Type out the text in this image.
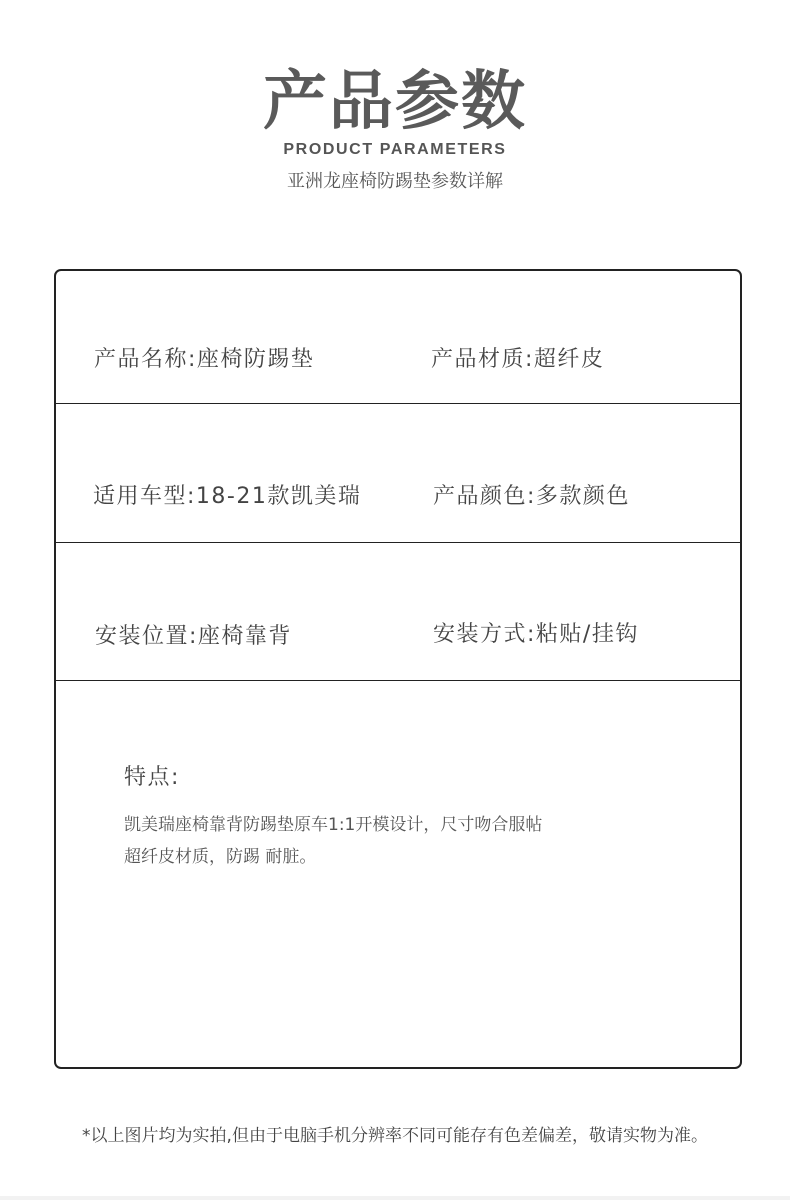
产品参数
PRODUCT PARAMETERS
亚洲龙座椅防踢垫参数详解
产品名称:座椅防踢垫	产品材质:超纤皮
适用车型:18-21款凯美瑞	产品颜色:多款颜色
安装位置:座椅靠背	安装方式:粘贴/挂钩
特点:
凯美瑞座椅靠背防踢垫原车1:1开模设计，尺寸吻合服帖
超纤皮材质，防踢 耐脏。
*以上图片均为实拍,但由于电脑手机分辨率不同可能存有色差偏差，敬请实物为准。
